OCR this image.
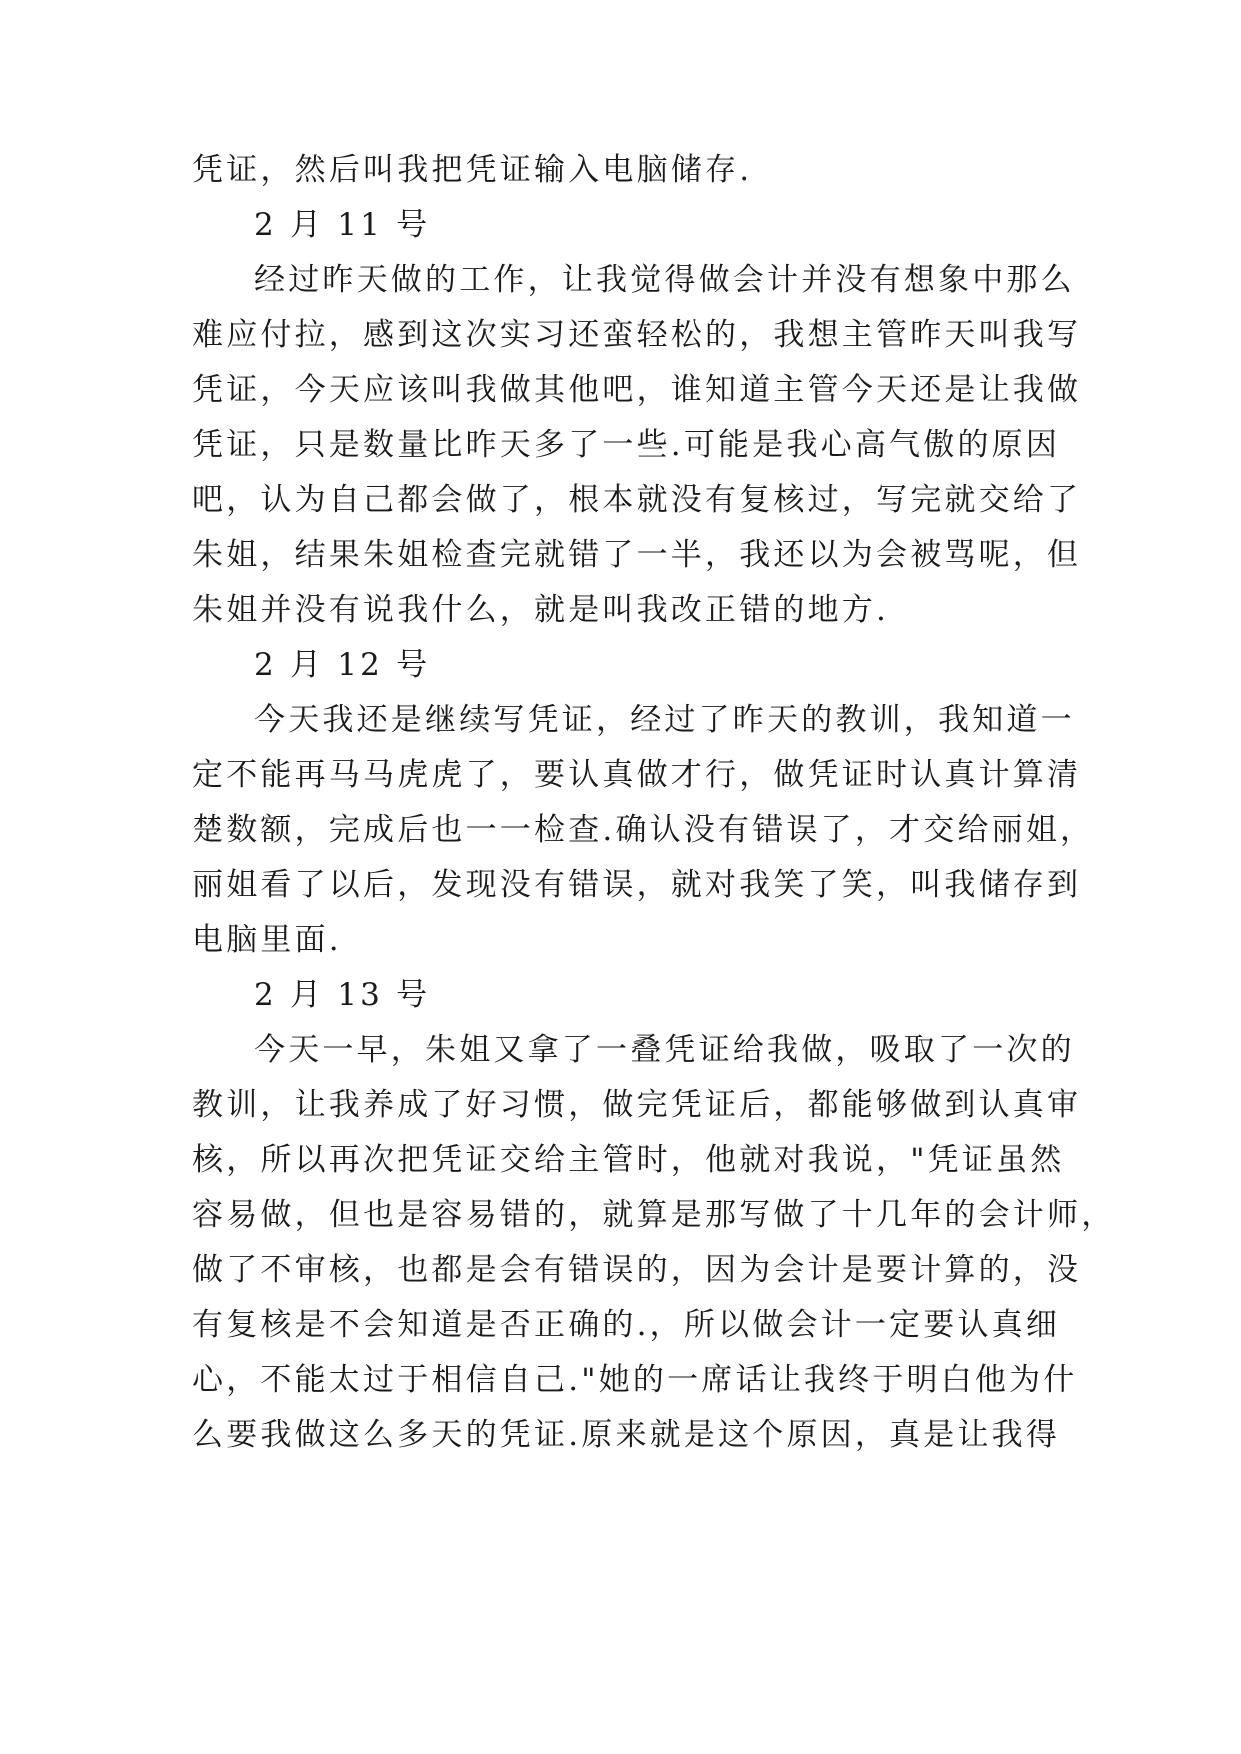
凭证，然后叫我把凭证输入电脑储存.
2 月 11 号
经过昨天做的工作，让我觉得做会计并没有想象中那么
难应付拉，感到这次实习还蛮轻松的，我想主管昨天叫我写
凭证，今天应该叫我做其他吧，谁知道主管今天还是让我做
凭证，只是数量比昨天多了一些.可能是我心高气傲的原因
吧，认为自己都会做了，根本就没有复核过，写完就交给了
朱姐，结果朱姐检查完就错了一半，我还以为会被骂呢，但
朱姐并没有说我什么，就是叫我改正错的地方.
2 月 12 号
今天我还是继续写凭证，经过了昨天的教训，我知道一
定不能再马马虎虎了，要认真做才行，做凭证时认真计算清
楚数额，完成后也一一检查.确认没有错误了，才交给丽姐，
丽姐看了以后，发现没有错误，就对我笑了笑，叫我储存到
电脑里面.
2 月 13 号
今天一早，朱姐又拿了一叠凭证给我做，吸取了一次的
教训，让我养成了好习惯，做完凭证后，都能够做到认真审
核，所以再次把凭证交给主管时，他就对我说，"凭证虽然
容易做，但也是容易错的，就算是那写做了十几年的会计师，
做了不审核，也都是会有错误的，因为会计是要计算的，没
有复核是不会知道是否正确的.，所以做会计一定要认真细
心，不能太过于相信自己."她的一席话让我终于明白他为什
么要我做这么多天的凭证.原来就是这个原因，真是让我得
